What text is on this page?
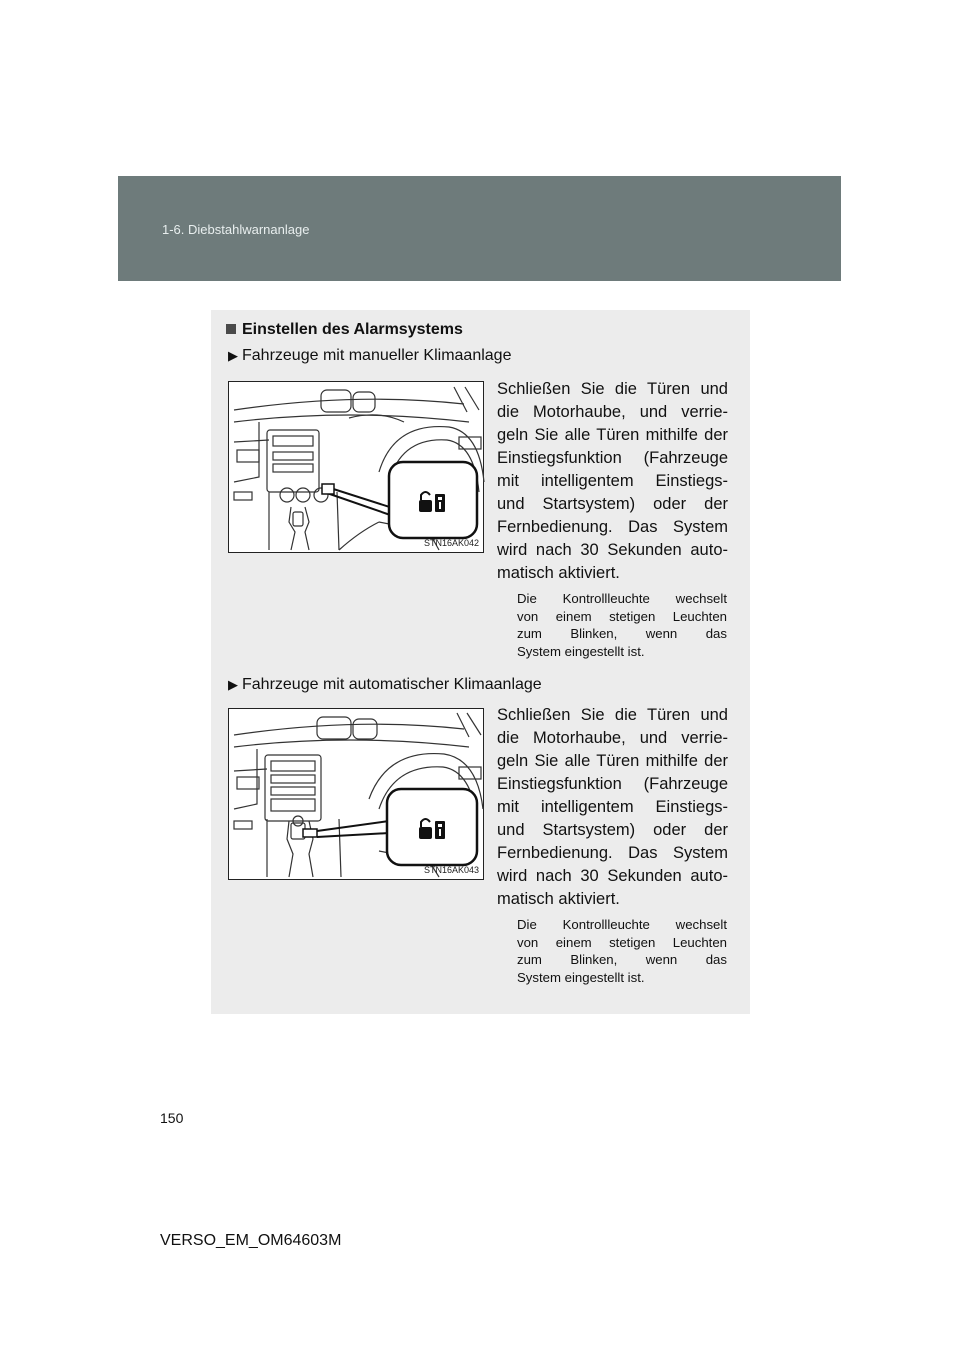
1-6. Diebstahlwarnanlage
Einstellen des Alarmsystems
▶ Fahrzeuge mit manueller Klimaanlage
STN16AK042
Schließen Sie die Türen und
die Motorhaube, und verrie-
geln Sie alle Türen mithilfe der
Einstiegsfunktion (Fahrzeuge
mit intelligentem Einstiegs-
und Startsystem) oder der
Fernbedienung. Das System
wird nach 30 Sekunden auto-
matisch aktiviert.
Die Kontrollleuchte wechselt
von einem stetigen Leuchten
zum Blinken, wenn das
System eingestellt ist.
▶ Fahrzeuge mit automatischer Klimaanlage
STN16AK043
Schließen Sie die Türen und
die Motorhaube, und verrie-
geln Sie alle Türen mithilfe der
Einstiegsfunktion (Fahrzeuge
mit intelligentem Einstiegs-
und Startsystem) oder der
Fernbedienung. Das System
wird nach 30 Sekunden auto-
matisch aktiviert.
Die Kontrollleuchte wechselt
von einem stetigen Leuchten
zum Blinken, wenn das
System eingestellt ist.
150
VERSO_EM_OM64603M
